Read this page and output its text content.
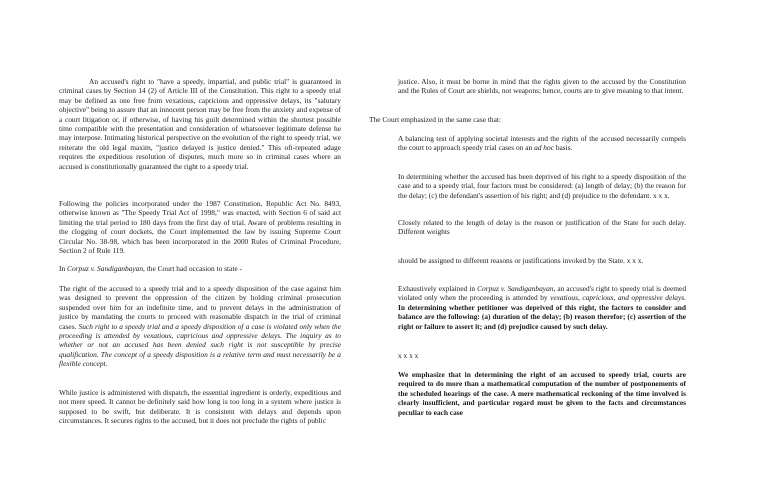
An accused's right to "have a speedy, impartial, and public trial" is guaranteed in criminal cases by Section 14 (2) of Article III of the Constitution. This right to a speedy trial may be defined as one free from vexatious, capricious and oppressive delays, its "salutary objective" being to assure that an innocent person may be free from the anxiety and expense of a court litigation or, if otherwise, of having his guilt determined within the shortest possible time compatible with the presentation and consideration of whatsoever legitimate defense he may interpose. Intimating historical perspective on the evolution of the right to speedy trial, we reiterate the old legal maxim, "justice delayed is justice denied." This oft-repeated adage requires the expeditious resolution of disputes, much more so in criminal cases where an accused is constitutionally guaranteed the right to a speedy trial.

Following the policies incorporated under the 1987 Constitution, Republic Act No. 8493, otherwise known as "The Speedy Trial Act of 1998," was enacted, with Section 6 of said act limiting the trial period to 180 days from the first day of trial. Aware of problems resulting in the clogging of court dockets, the Court implemented the law by issuing Supreme Court Circular No. 38-98, which has been incorporated in the 2000 Rules of Criminal Procedure, Section 2 of Rule 119.

In Corpuz v. Sandiganbayan, the Court had occasion to state -

The right of the accused to a speedy trial and to a speedy disposition of the case against him was designed to prevent the oppression of the citizen by holding criminal prosecution suspended over him for an indefinite time, and to prevent delays in the administration of justice by mandating the courts to proceed with reasonable dispatch in the trial of criminal cases. Such right to a speedy trial and a speedy disposition of a case is violated only when the proceeding is attended by vexatious, capricious and oppressive delays. The inquiry as to whether or not an accused has been denied such right is not susceptible by precise qualification. The concept of a speedy disposition is a relative term and must necessarily be a flexible concept.

While justice is administered with dispatch, the essential ingredient is orderly, expeditious and not mere speed. It cannot be definitely said how long is too long in a system where justice is supposed to be swift, but deliberate. It is consistent with delays and depends upon circumstances. It secures rights to the accused, but it does not preclude the rights of public

justice. Also, it must be borne in mind that the rights given to the accused by the Constitution and the Rules of Court are shields, not weapons; hence, courts are to give meaning to that intent.

The Court emphasized in the same case that:

A balancing test of applying societal interests and the rights of the accused necessarily compels the court to approach speedy trial cases on an ad hoc basis.

In determining whether the accused has been deprived of his right to a speedy disposition of the case and to a speedy trial, four factors must be considered: (a) length of delay; (b) the reason for the delay; (c) the defendant's assertion of his right; and (d) prejudice to the defendant. x x x.

Closely related to the length of delay is the reason or justification of the State for such delay. Different weights

should be assigned to different reasons or justifications invoked by the State. x x x.

Exhaustively explained in Corpuz v. Sandiganbayan, an accused's right to speedy trial is deemed violated only when the proceeding is attended by vexatious, capricious, and oppressive delays. In determining whether petitioner was deprived of this right, the factors to consider and balance are the following: (a) duration of the delay; (b) reason therefor; (c) assertion of the right or failure to assert it; and (d) prejudice caused by such delay.

x x x x

We emphasize that in determining the right of an accused to speedy trial, courts are required to do more than a mathematical computation of the number of postponements of the scheduled hearings of the case. A mere mathematical reckoning of the time involved is clearly insufficient, and particular regard must be given to the facts and circumstances peculiar to each case
